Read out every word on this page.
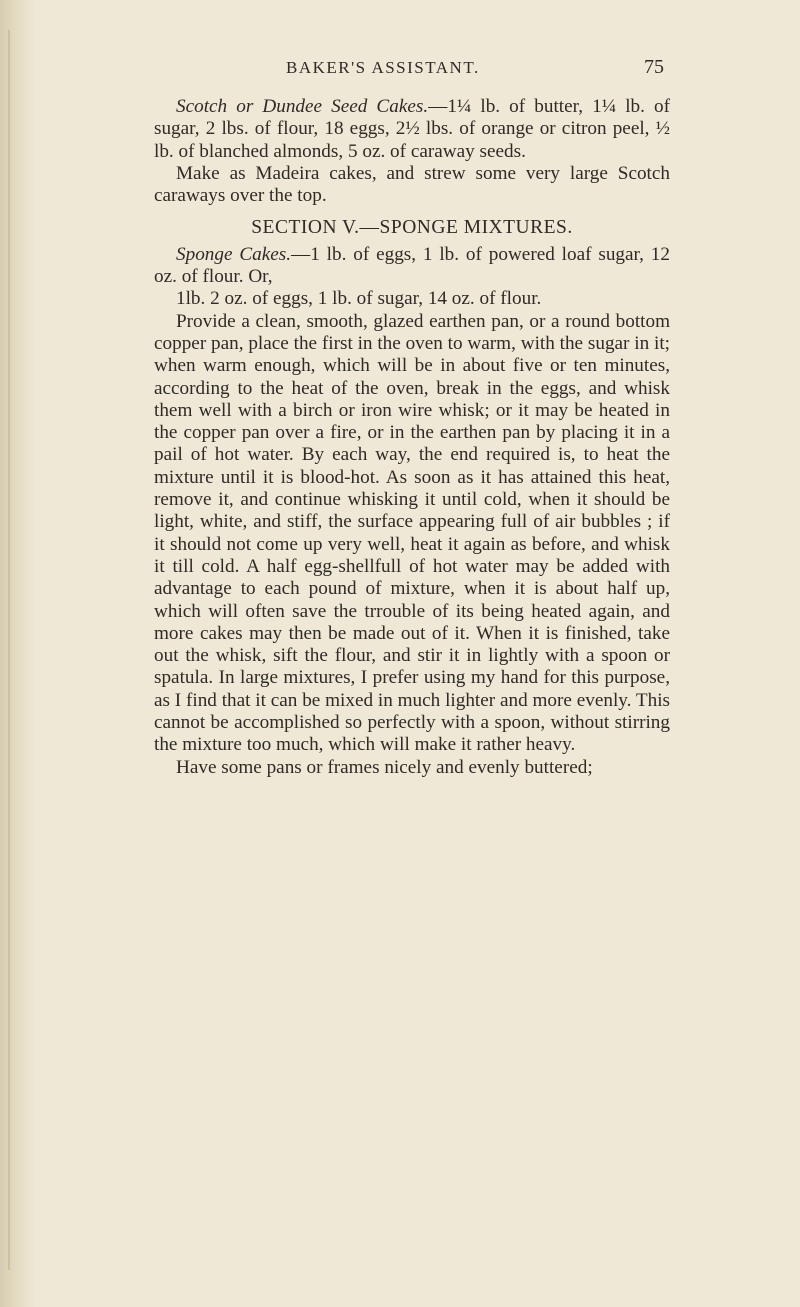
BAKER'S ASSISTANT.	75

Scotch or Dundee Seed Cakes.—1¼ lb. of butter, 1¼ lb. of sugar, 2 lbs. of flour, 18 eggs, 2½ lbs. of orange or citron peel, ½ lb. of blanched almonds, 5 oz. of caraway seeds.

Make as Madeira cakes, and strew some very large Scotch caraways over the top.

SECTION V.—SPONGE MIXTURES.

Sponge Cakes.—1 lb. of eggs, 1 lb. of powered loaf sugar, 12 oz. of flour. Or,

1lb. 2 oz. of eggs, 1 lb. of sugar, 14 oz. of flour.

Provide a clean, smooth, glazed earthen pan, or a round bottom copper pan, place the first in the oven to warm, with the sugar in it; when warm enough, which will be in about five or ten minutes, according to the heat of the oven, break in the eggs, and whisk them well with a birch or iron wire whisk; or it may be heated in the copper pan over a fire, or in the earthen pan by placing it in a pail of hot water. By each way, the end required is, to heat the mixture until it is blood-hot. As soon as it has attained this heat, remove it, and continue whisking it until cold, when it should be light, white, and stiff, the surface appearing full of air bubbles ; if it should not come up very well, heat it again as before, and whisk it till cold. A half egg-shellfull of hot water may be added with advantage to each pound of mixture, when it is about half up, which will often save the trrouble of its being heated again, and more cakes may then be made out of it. When it is finished, take out the whisk, sift the flour, and stir it in lightly with a spoon or spatula. In large mixtures, I prefer using my hand for this purpose, as I find that it can be mixed in much lighter and more evenly. This cannot be accomplished so perfectly with a spoon, without stirring the mixture too much, which will make it rather heavy.

Have some pans or frames nicely and evenly buttered;
